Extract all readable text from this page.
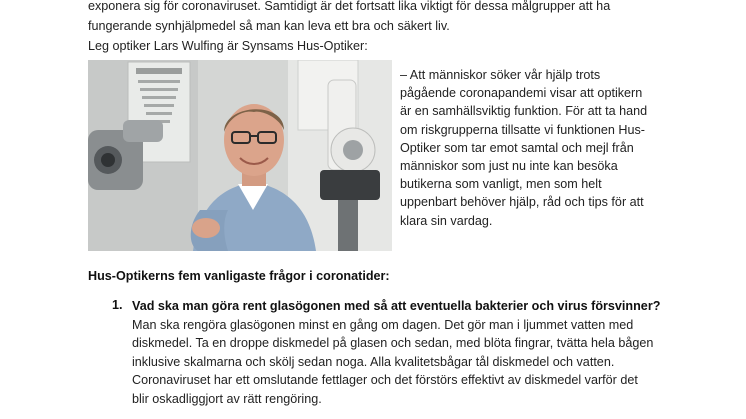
exponera sig för coronaviruset. Samtidigt är det fortsatt lika viktigt för dessa målgrupper att ha
fungerande synhjälpmedel så man kan leva ett bra och säkert liv.
Leg optiker Lars Wulfing är Synsams Hus-Optiker:
– Att människor söker vår hjälp trots
pågående coronapandemi visar att optikern
är en samhällsviktig funktion. För att ta hand
om riskgrupperna tillsatte vi funktionen Hus-
Optiker som tar emot samtal och mejl från
människor som just nu inte kan besöka
butikerna som vanligt, men som helt
uppenbart behöver hjälp, råd och tips för att
klara sin vardag.
Hus-Optikerns fem vanligaste frågor i coronatider:
1. Vad ska man göra rent glasögonen med så att eventuella bakterier och virus försvinner?
Man ska rengöra glasögonen minst en gång om dagen. Det gör man i ljummet vatten med
diskmedel. Ta en droppe diskmedel på glasen och sedan, med blöta fingrar, tvätta hela bågen
inklusive skalmarna och skölj sedan noga. Alla kvalitetsbågar tål diskmedel och vatten.
Coronaviruset har ett omslutande fettlager och det förstörs effektivt av diskmedel varför det
blir oskadliggjort av rätt rengöring.
